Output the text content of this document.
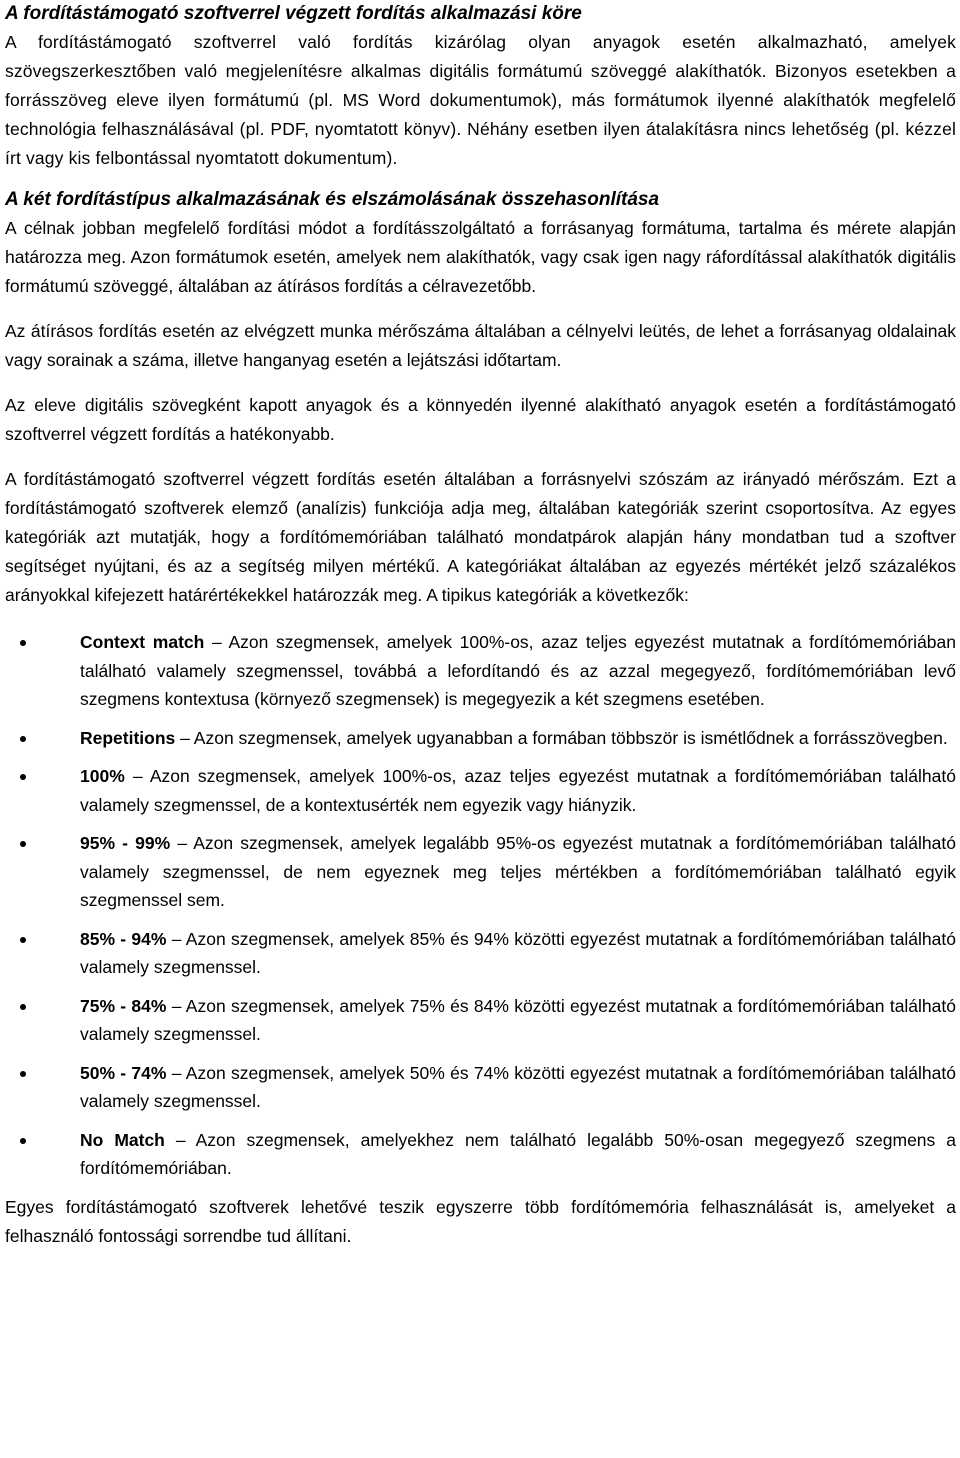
A fordítástámogató szoftverrel végzett fordítás alkalmazási köre

A fordítástámogató szoftverrel való fordítás kizárólag olyan anyagok esetén alkalmazható, amelyek szövegszerkesztőben való megjelenítésre alkalmas digitális formátumú szöveggé alakíthatók. Bizonyos esetekben a forrásszöveg eleve ilyen formátumú (pl. MS Word dokumentumok), más formátumok ilyenné alakíthatók megfelelő technológia felhasználásával (pl. PDF, nyomtatott könyv). Néhány esetben ilyen átalakításra nincs lehetőség (pl. kézzel írt vagy kis felbontással nyomtatott dokumentum).

A két fordítástípus alkalmazásának és elszámolásának összehasonlítása

A célnak jobban megfelelő fordítási módot a fordításszolgáltató a forrásanyag formátuma, tartalma és mérete alapján határozza meg. Azon formátumok esetén, amelyek nem alakíthatók, vagy csak igen nagy ráfordítással alakíthatók digitális formátumú szöveggé, általában az átírásos fordítás a célravezetőbb.

Az átírásos fordítás esetén az elvégzett munka mérőszáma általában a célnyelvi leütés, de lehet a forrásanyag oldalainak vagy sorainak a száma, illetve hanganyag esetén a lejátszási időtartam.

Az eleve digitális szövegként kapott anyagok és a könnyedén ilyenné alakítható anyagok esetén a fordítástámogató szoftverrel végzett fordítás a hatékonyabb.

A fordítástámogató szoftverrel végzett fordítás esetén általában a forrásnyelvi szószám az irányadó mérőszám. Ezt a fordítástámogató szoftverek elemző (analízis) funkciója adja meg, általában kategóriák szerint csoportosítva. Az egyes kategóriák azt mutatják, hogy a fordítómemóriában található mondatpárok alapján hány mondatban tud a szoftver segítséget nyújtani, és az a segítség milyen mértékű. A kategóriákat általában az egyezés mértékét jelző százalékos arányokkal kifejezett határértékekkel határozzák meg. A tipikus kategóriák a következők:

Context match – Azon szegmensek, amelyek 100%-os, azaz teljes egyezést mutatnak a fordítómemóriában található valamely szegmenssel, továbbá a lefordítandó és az azzal megegyező, fordítómemóriában levő szegmens kontextusa (környező szegmensek) is megegyezik a két szegmens esetében.
Repetitions – Azon szegmensek, amelyek ugyanabban a formában többször is ismétlődnek a forrásszövegben.
100% – Azon szegmensek, amelyek 100%-os, azaz teljes egyezést mutatnak a fordítómemóriában található valamely szegmenssel, de a kontextusérték nem egyezik vagy hiányzik.
95% - 99% – Azon szegmensek, amelyek legalább 95%-os egyezést mutatnak a fordítómemóriában található valamely szegmenssel, de nem egyeznek meg teljes mértékben a fordítómemóriában található egyik szegmenssel sem.
85% - 94% – Azon szegmensek, amelyek 85% és 94% közötti egyezést mutatnak a fordítómemóriában található valamely szegmenssel.
75% - 84% – Azon szegmensek, amelyek 75% és 84% közötti egyezést mutatnak a fordítómemóriában található valamely szegmenssel.
50% - 74% – Azon szegmensek, amelyek 50% és 74% közötti egyezést mutatnak a fordítómemóriában található valamely szegmenssel.
No Match – Azon szegmensek, amelyekhez nem található legalább 50%-osan megegyező szegmens a fordítómemóriában.

Egyes fordítástámogató szoftverek lehetővé teszik egyszerre több fordítómemória felhasználását is, amelyeket a felhasználó fontossági sorrendbe tud állítani.
